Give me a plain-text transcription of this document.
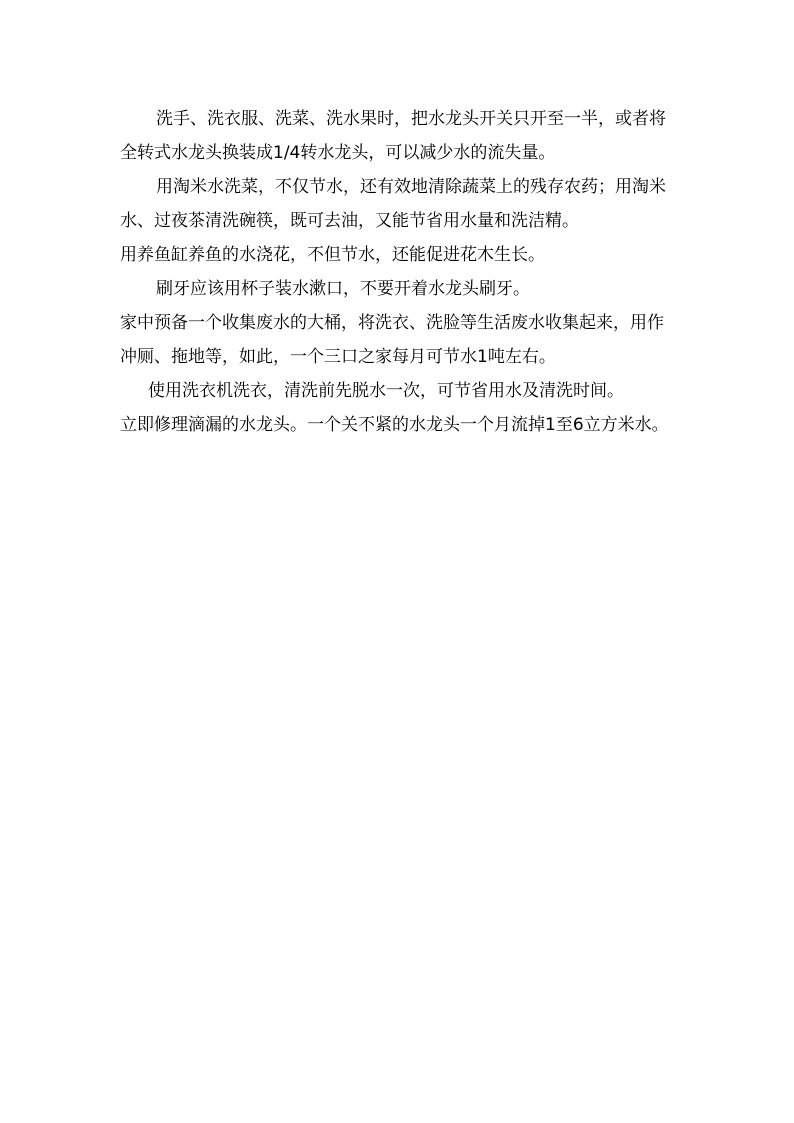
洗手、洗衣服、洗菜、洗水果时，把水龙头开关只开至一半，或者将全转式水龙头换装成1/4转水龙头，可以减少水的流失量。

用淘米水洗菜，不仅节水，还有效地清除蔬菜上的残存农药；用淘米水、过夜茶清洗碗筷，既可去油，又能节省用水量和洗洁精。

用养鱼缸养鱼的水浇花，不但节水，还能促进花木生长。

刷牙应该用杯子装水漱口，不要开着水龙头刷牙。

家中预备一个收集废水的大桶，将洗衣、洗脸等生活废水收集起来，用作冲厕、拖地等，如此，一个三口之家每月可节水1吨左右。

使用洗衣机洗衣，清洗前先脱水一次，可节省用水及清洗时间。

立即修理滴漏的水龙头。一个关不紧的水龙头一个月流掉1至6立方米水。
